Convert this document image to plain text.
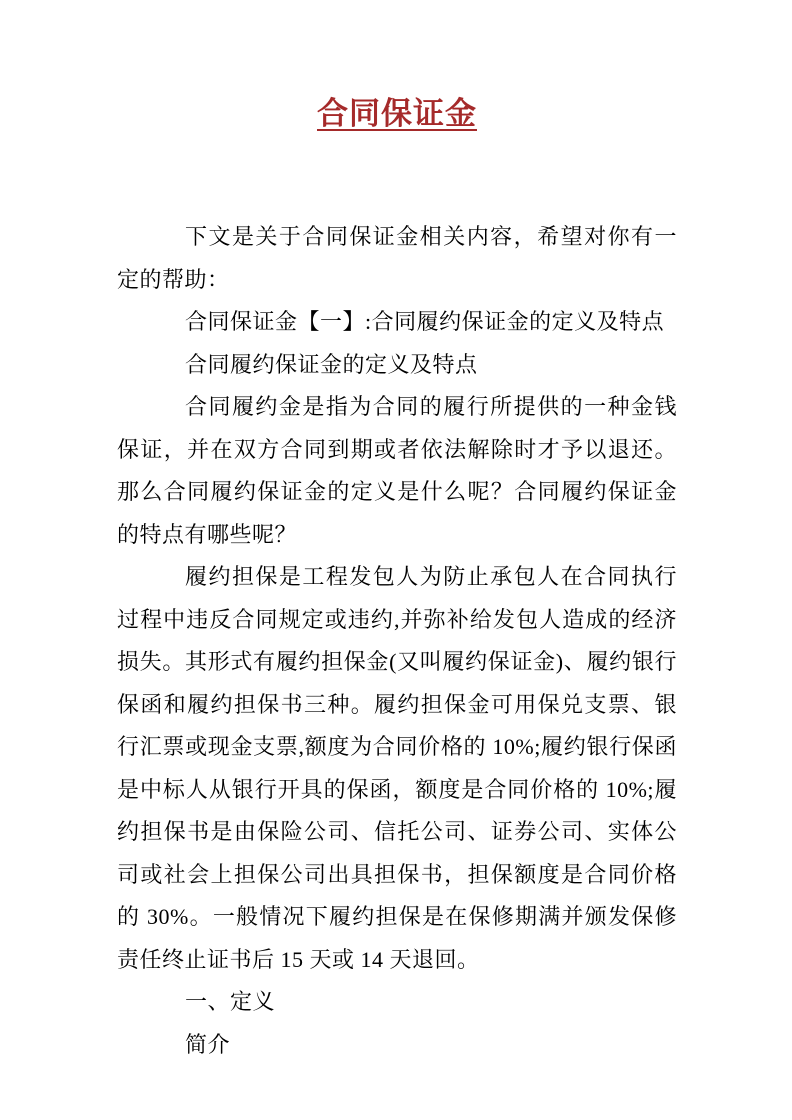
合同保证金

下文是关于合同保证金相关内容，希望对你有一定的帮助：

合同保证金【一】:合同履约保证金的定义及特点

合同履约保证金的定义及特点

合同履约金是指为合同的履行所提供的一种金钱保证，并在双方合同到期或者依法解除时才予以退还。那么合同履约保证金的定义是什么呢？合同履约保证金的特点有哪些呢？

履约担保是工程发包人为防止承包人在合同执行过程中违反合同规定或违约,并弥补给发包人造成的经济损失。其形式有履约担保金(又叫履约保证金)、履约银行保函和履约担保书三种。履约担保金可用保兑支票、银行汇票或现金支票,额度为合同价格的 10%;履约银行保函是中标人从银行开具的保函，额度是合同价格的 10%;履约担保书是由保险公司、信托公司、证券公司、实体公司或社会上担保公司出具担保书，担保额度是合同价格的 30%。一般情况下履约担保是在保修期满并颁发保修责任终止证书后 15 天或 14 天退回。

一、定义

简介
